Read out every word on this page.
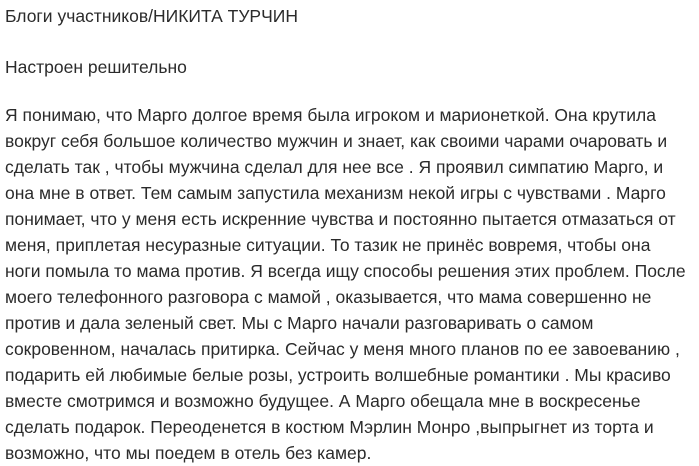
Блоги участников/НИКИТА ТУРЧИН
Настроен решительно
Я понимаю, что Марго долгое время была игроком и марионеткой. Она крутила вокруг себя большое количество мужчин и знает, как своими чарами очаровать и сделать так , чтобы мужчина сделал для нее все . Я проявил симпатию Марго, и она мне в ответ. Тем самым запустила механизм некой игры с чувствами . Марго понимает, что у меня есть искренние чувства и постоянно пытается отмазаться от меня, приплетая несуразные ситуации. То тазик не принёс вовремя, чтобы она ноги помыла то мама против. Я всегда ищу способы решения этих проблем. После моего телефонного разговора с мамой , оказывается, что мама совершенно не против и дала зеленый свет. Мы с Марго начали разговаривать о самом сокровенном, началась притирка. Сейчас у меня много планов по ее завоеванию , подарить ей любимые белые розы, устроить волшебные романтики . Мы красиво вместе смотримся и возможно будущее. А Марго обещала мне в воскресенье сделать подарок. Переоденется в костюм Мэрлин Монро ,выпрыгнет из торта и возможно, что мы поедем в отель без камер.
